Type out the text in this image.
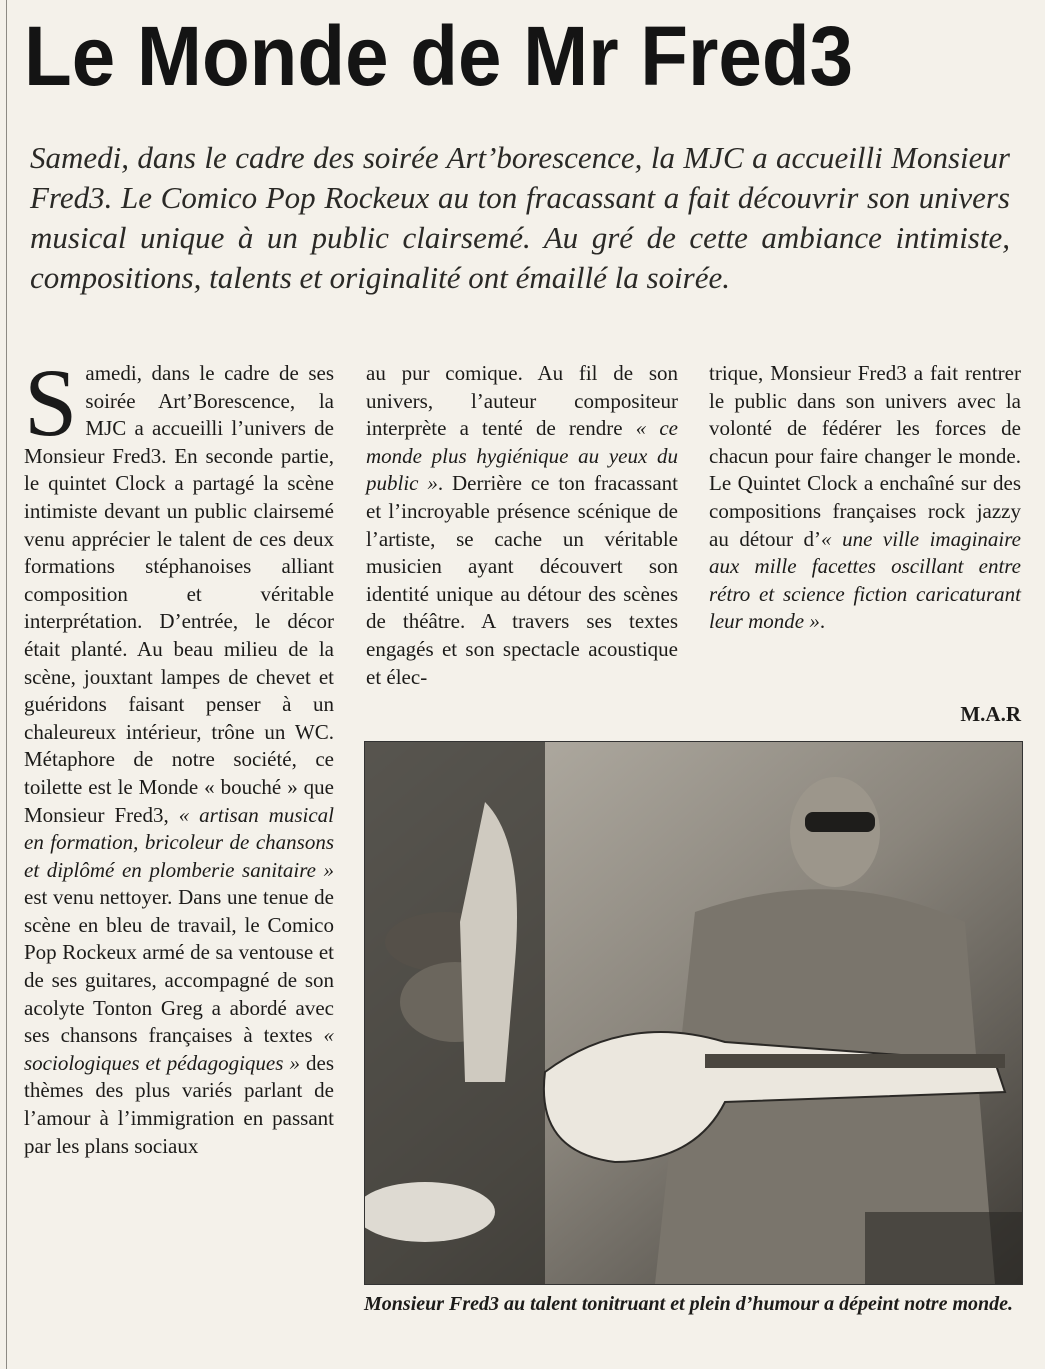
Le Monde de Mr Fred3
Samedi, dans le cadre des soirée Art’borescence, la MJC a accueilli Monsieur Fred3. Le Comico Pop Rockeux au ton fracassant a fait découvrir son univers musical unique à un public clairsemé. Au gré de cette ambiance intimiste, compositions, talents et originalité ont émaillé la soirée.
Samedi, dans le cadre de ses soirée Art’Borescence, la MJC a accueilli l’univers de Monsieur Fred3. En seconde partie, le quintet Clock a partagé la scène intimiste devant un public clairsemé venu apprécier le talent de ces deux formations stéphanoises alliant composition et véritable interprétation. D’entrée, le décor était planté. Au beau milieu de la scène, jouxtant lampes de chevet et guéridons faisant penser à un chaleureux intérieur, trône un WC. Métaphore de notre société, ce toilette est le Monde « bouché » que Monsieur Fred3, « artisan musical en formation, bricoleur de chansons et diplômé en plomberie sanitaire » est venu nettoyer. Dans une tenue de scène en bleu de travail, le Comico Pop Rockeux armé de sa ventouse et de ses guitares, accompagné de son acolyte Tonton Greg a abordé avec ses chansons françaises à textes « sociologiques et pédagogiques » des thèmes des plus variés parlant de l’amour à l’immigration en passant par les plans sociaux
au pur comique. Au fil de son univers, l’auteur compositeur interprète a tenté de rendre « ce monde plus hygiénique au yeux du public ». Derrière ce ton fracassant et l’incroyable présence scénique de l’artiste, se cache un véritable musicien ayant découvert son identité unique au détour des scènes de théâtre. A travers ses textes engagés et son spectacle acoustique et élec-
trique, Monsieur Fred3 a fait rentrer le public dans son univers avec la volonté de fédérer les forces de chacun pour faire changer le monde. Le Quintet Clock a enchaîné sur des compositions françaises rock jazzy au détour d’« une ville imaginaire aux mille facettes oscillant entre rétro et science fiction caricaturant leur monde ».
M.A.R
Monsieur Fred3 au talent tonitruant et plein d’humour a dépeint notre monde.
